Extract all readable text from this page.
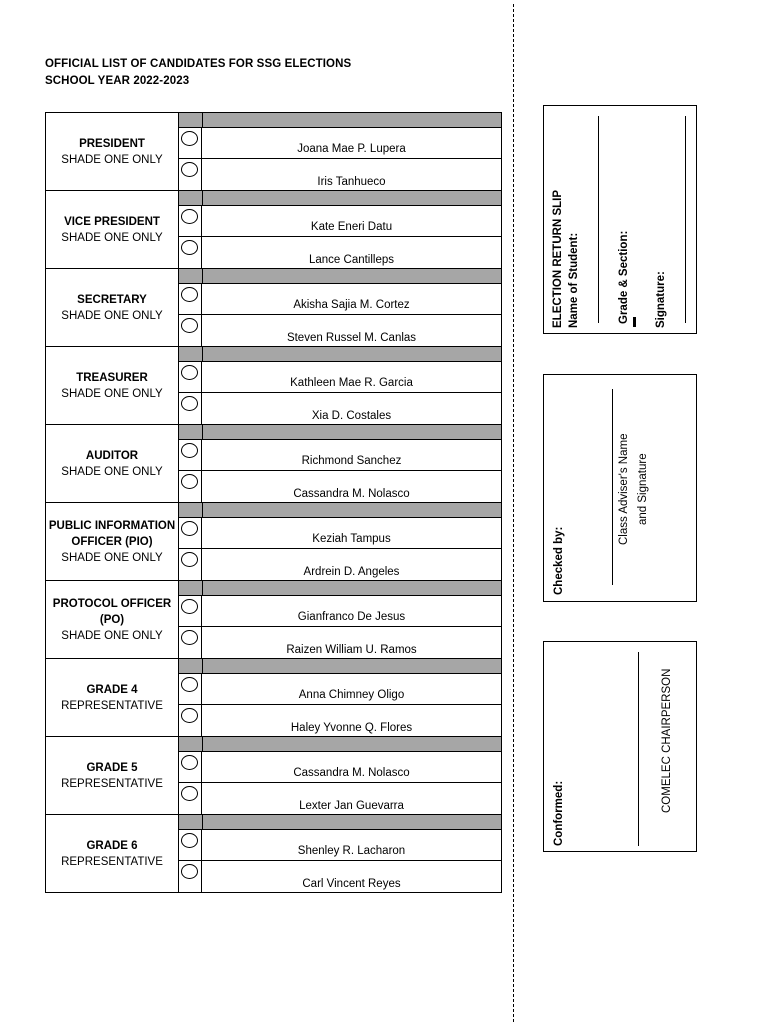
OFFICIAL LIST OF CANDIDATES FOR SSG ELECTIONS
SCHOOL YEAR 2022-2023
PRESIDENT
SHADE ONE ONLY
Joana Mae P. Lupera
Iris Tanhueco
VICE PRESIDENT
SHADE ONE ONLY
Kate Eneri Datu
Lance Cantilleps
SECRETARY
SHADE ONE ONLY
Akisha Sajia M. Cortez
Steven Russel M. Canlas
TREASURER
SHADE ONE ONLY
Kathleen Mae R. Garcia
Xia D. Costales
AUDITOR
SHADE ONE ONLY
Richmond Sanchez
Cassandra M. Nolasco
PUBLIC INFORMATION OFFICER (PIO)
SHADE ONE ONLY
Keziah Tampus
Ardrein D. Angeles
PROTOCOL OFFICER (PO)
SHADE ONE ONLY
Gianfranco De Jesus
Raizen William U. Ramos
GRADE 4
REPRESENTATIVE
Anna Chimney Oligo
Haley Yvonne Q. Flores
GRADE 5
REPRESENTATIVE
Cassandra M. Nolasco
Lexter Jan Guevarra
GRADE 6
REPRESENTATIVE
Shenley R. Lacharon
Carl Vincent Reyes
ELECTION RETURN SLIP Name of Student:	Grade & Section: Signature:
Checked by:
Class Adviser's Name and Signature
Conformed:
COMELEC CHAIRPERSON
